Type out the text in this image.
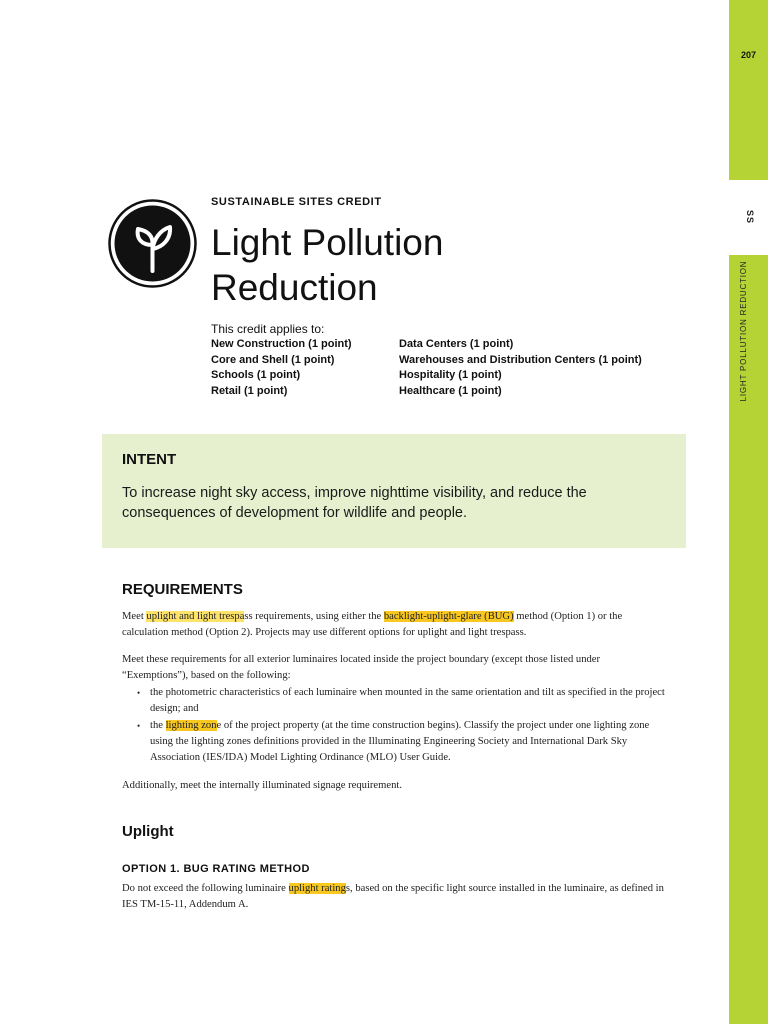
207
SS
LIGHT POLLUTION REDUCTION
SUSTAINABLE SITES CREDIT
Light Pollution
Reduction
This credit applies to:
New Construction (1 point)
Core and Shell (1 point)
Schools (1 point)
Retail (1 point)
Data Centers (1 point)
Warehouses and Distribution Centers (1 point)
Hospitality (1 point)
Healthcare (1 point)
INTENT
To increase night sky access, improve nighttime visibility, and reduce the consequences of development for wildlife and people.
REQUIREMENTS
Meet uplight and light trespass requirements, using either the backlight-uplight-glare (BUG) method (Option 1) or the calculation method (Option 2). Projects may use different options for uplight and light trespass.
Meet these requirements for all exterior luminaires located inside the project boundary (except those listed under “Exemptions”), based on the following:
• the photometric characteristics of each luminaire when mounted in the same orientation and tilt as specified in the project design; and
• the lighting zone of the project property (at the time construction begins). Classify the project under one lighting zone using the lighting zones definitions provided in the Illuminating Engineering Society and International Dark Sky Association (IES/IDA) Model Lighting Ordinance (MLO) User Guide.
Additionally, meet the internally illuminated signage requirement.
Uplight
OPTION 1. BUG RATING METHOD
Do not exceed the following luminaire uplight ratings, based on the specific light source installed in the luminaire, as defined in IES TM-15-11, Addendum A.
